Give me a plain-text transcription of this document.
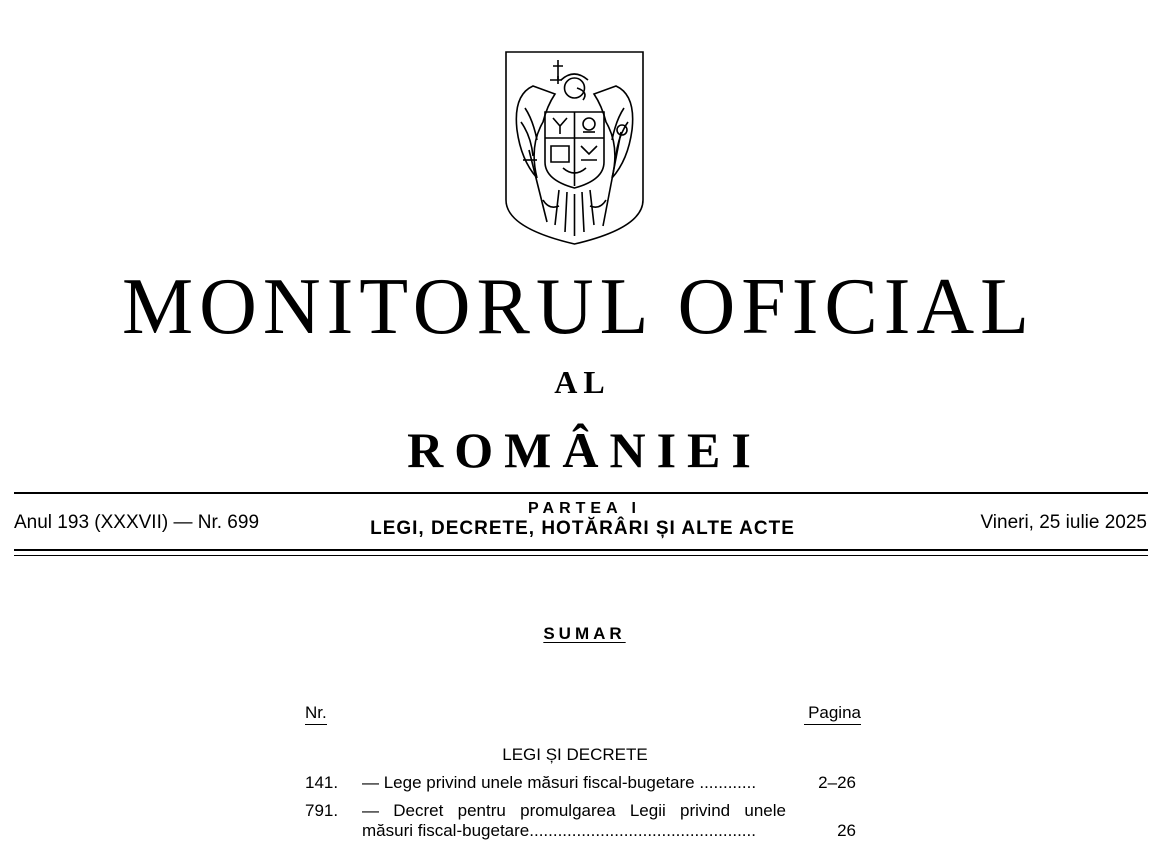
MONITORUL OFICIAL
AL
ROMÂNIEI
Anul 193 (XXXVII) — Nr. 699
PARTEA I
LEGI, DECRETE, HOTĂRÂRI ȘI ALTE ACTE	Vineri, 25 iulie 2025
SUMAR
Nr.	Pagina
LEGI ȘI DECRETE
141. — Lege privind unele măsuri fiscal-bugetare ............	2–26
791. — Decret pentru promulgarea Legii privind unele
măsuri fiscal-bugetare................................................	26
